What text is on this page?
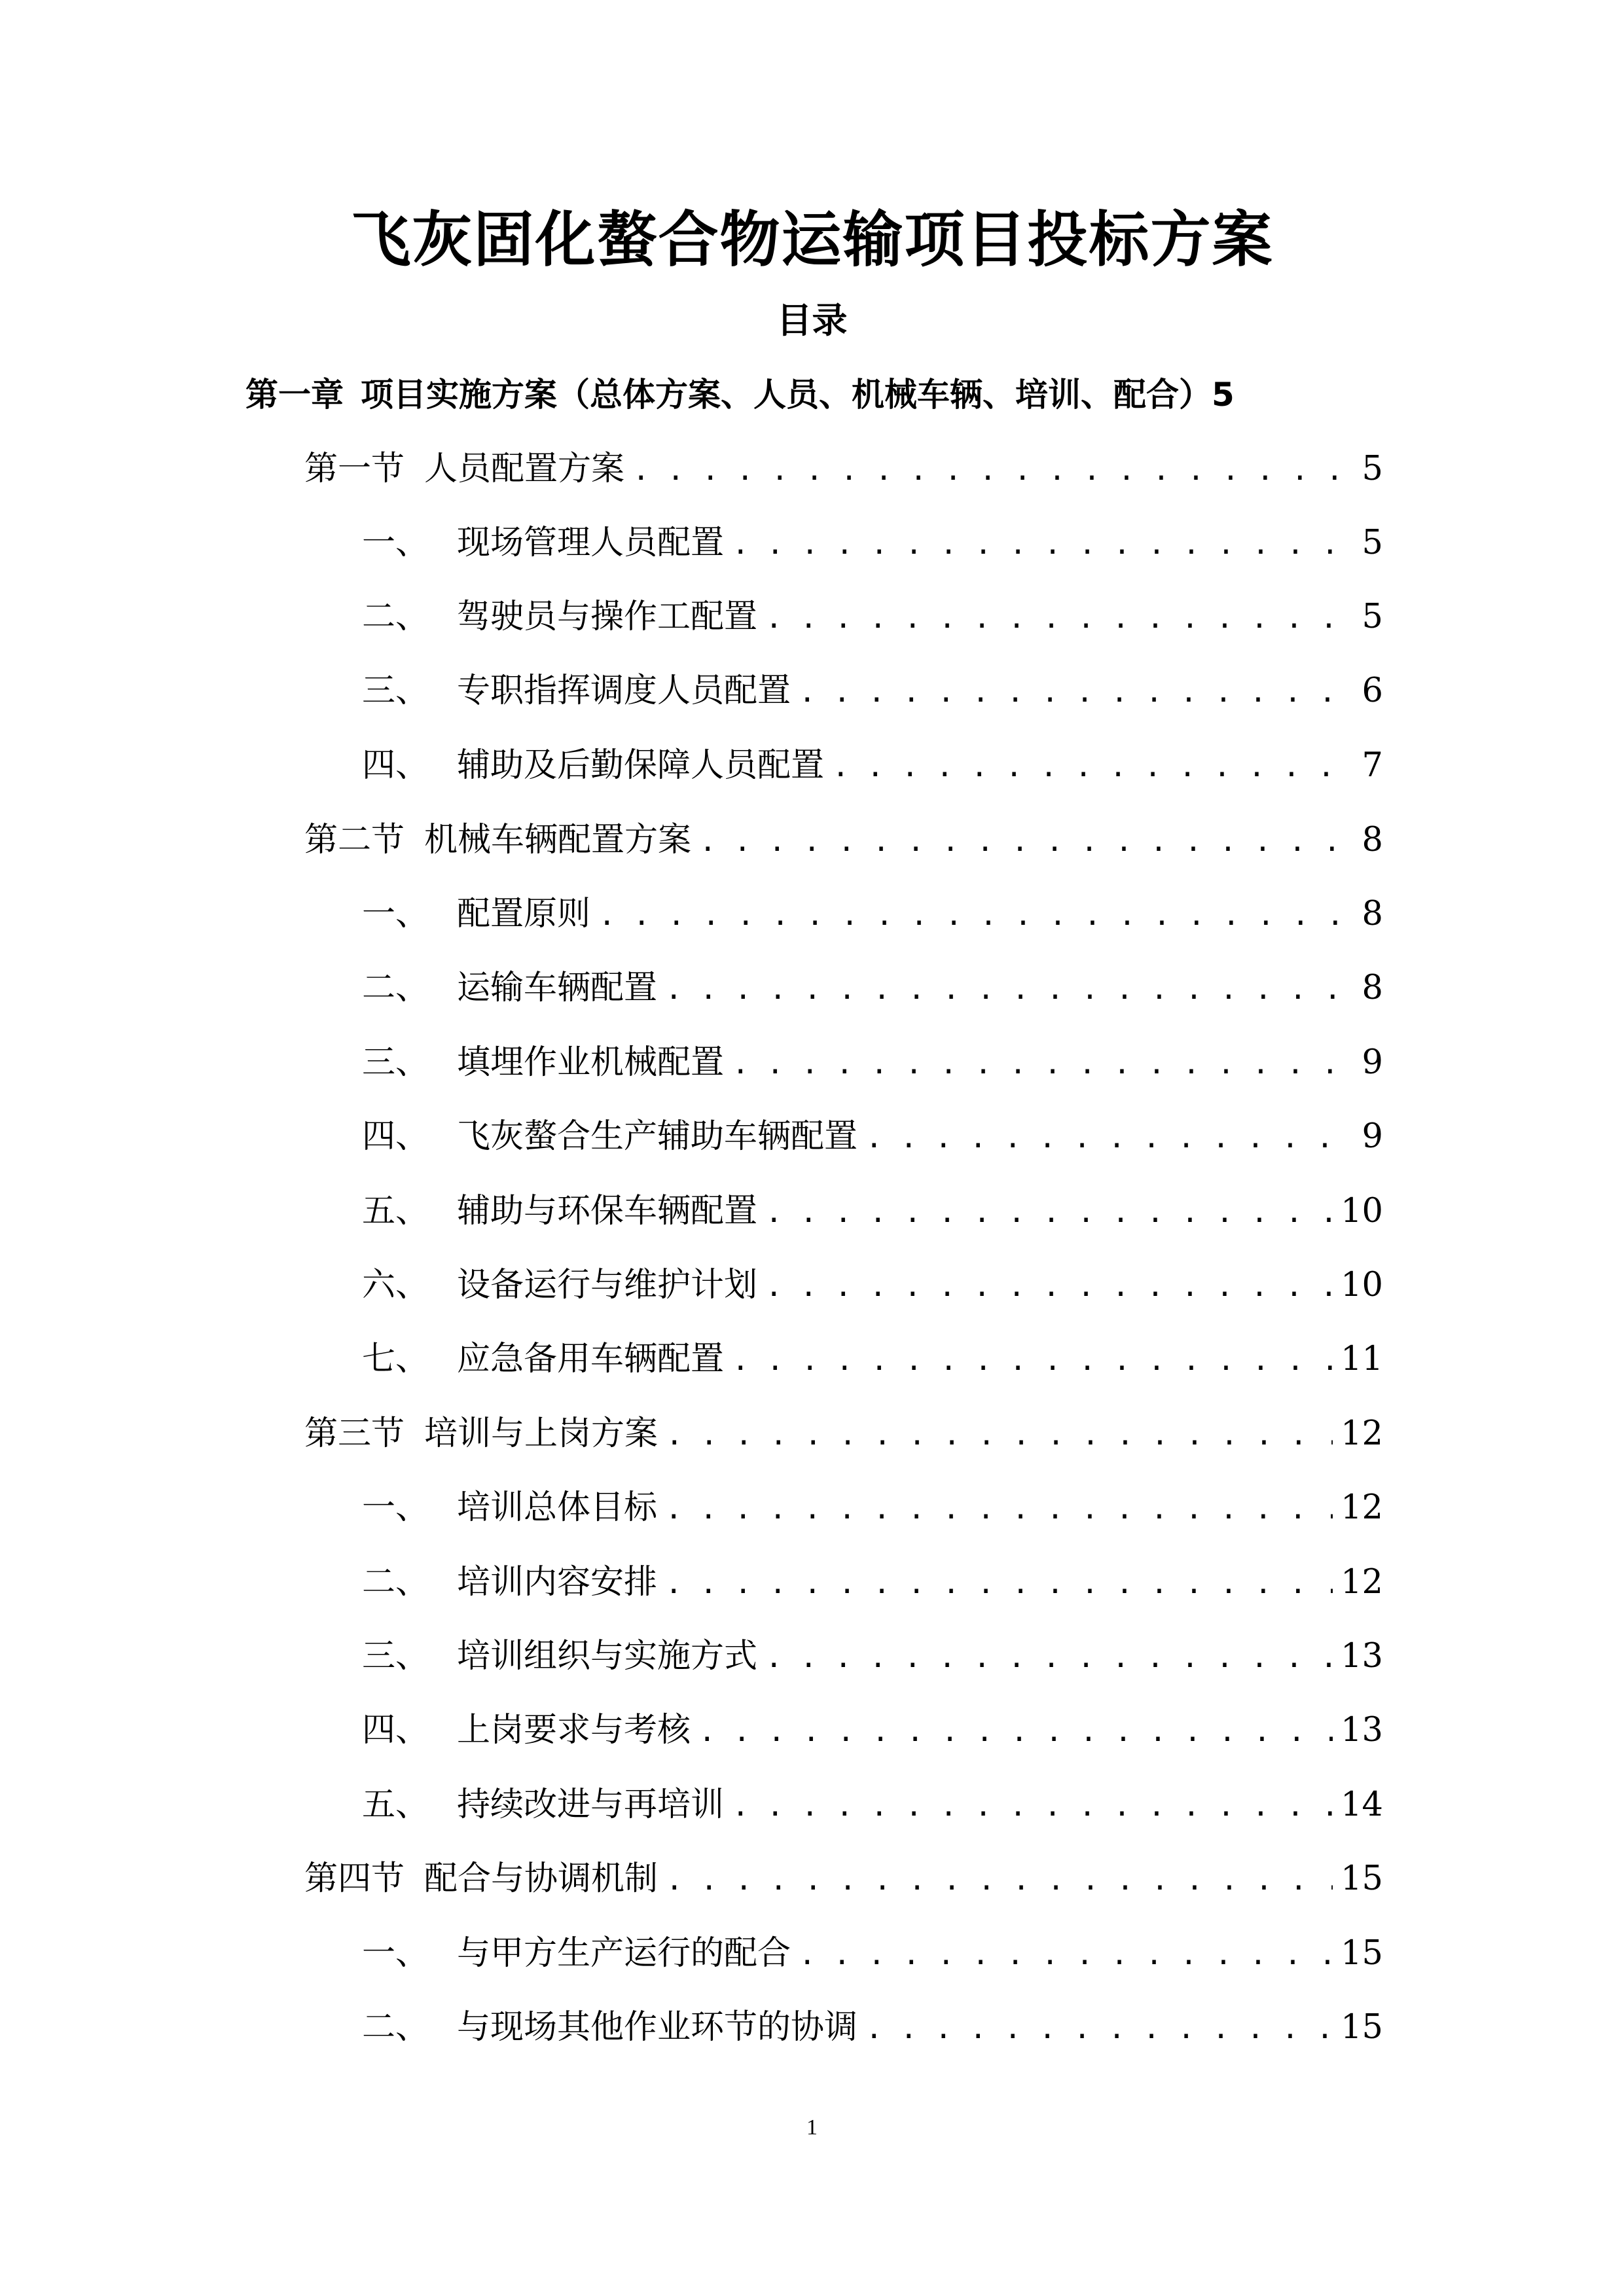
飞灰固化螯合物运输项目投标方案
目录
第一章 项目实施方案（总体方案、人员、机械车辆、培训、配合） 5
第一节 人员配置方案 . . .	5
一、 现场管理人员配置 . . .	5
二、 驾驶员与操作工配置 . . .	5
三、 专职指挥调度人员配置 . . .	6
四、 辅助及后勤保障人员配置 . . .	7
第二节 机械车辆配置方案 . . .	8
一、 配置原则 . . .	8
二、 运输车辆配置 . . .	8
三、 填埋作业机械配置 . . .	9
四、 飞灰螯合生产辅助车辆配置 . . .	9
五、 辅助与环保车辆配置 . . .	10
六、 设备运行与维护计划 . . .	10
七、 应急备用车辆配置 . . .	11
第三节 培训与上岗方案 . . .	12
一、 培训总体目标 . . .	12
二、 培训内容安排 . . .	12
三、 培训组织与实施方式 . . .	13
四、 上岗要求与考核 . . .	13
五、 持续改进与再培训 . . .	14
第四节 配合与协调机制 . . .	15
一、 与甲方生产运行的配合 . . .	15
二、 与现场其他作业环节的协调 . . .	15
1
